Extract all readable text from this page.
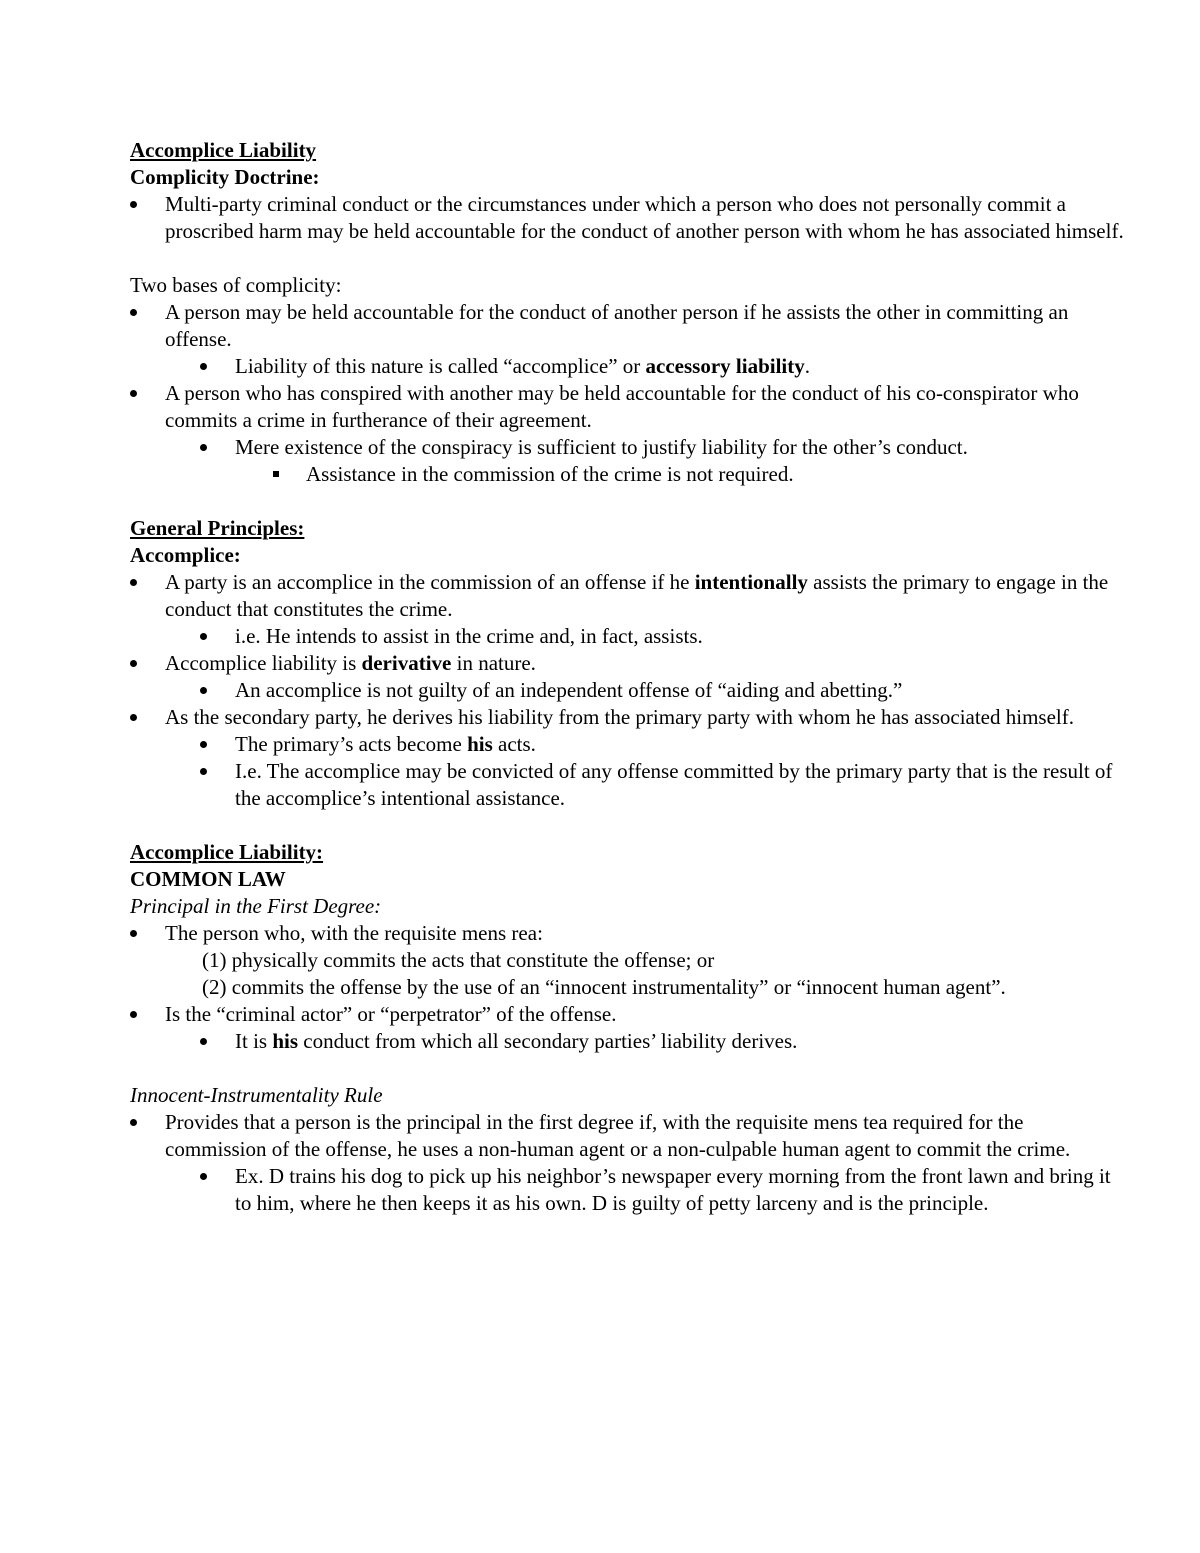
Accomplice Liability
Complicity Doctrine:
Multi-party criminal conduct or the circumstances under which a person who does not personally commit a proscribed harm may be held accountable for the conduct of another person with whom he has associated himself.
Two bases of complicity:
A person may be held accountable for the conduct of another person if he assists the other in committing an offense.
Liability of this nature is called “accomplice” or accessory liability.
A person who has conspired with another may be held accountable for the conduct of his co-conspirator who commits a crime in furtherance of their agreement.
Mere existence of the conspiracy is sufficient to justify liability for the other’s conduct.
Assistance in the commission of the crime is not required.
General Principles:
Accomplice:
A party is an accomplice in the commission of an offense if he intentionally assists the primary to engage in the conduct that constitutes the crime.
i.e. He intends to assist in the crime and, in fact, assists.
Accomplice liability is derivative in nature.
An accomplice is not guilty of an independent offense of “aiding and abetting.”
As the secondary party, he derives his liability from the primary party with whom he has associated himself.
The primary’s acts become his acts.
I.e. The accomplice may be convicted of any offense committed by the primary party that is the result of the accomplice’s intentional assistance.
Accomplice Liability:
COMMON LAW
Principal in the First Degree:
The person who, with the requisite mens rea:
(1) physically commits the acts that constitute the offense; or
(2) commits the offense by the use of an “innocent instrumentality” or “innocent human agent”.
Is the “criminal actor” or “perpetrator” of the offense.
It is his conduct from which all secondary parties’ liability derives.
Innocent-Instrumentality Rule
Provides that a person is the principal in the first degree if, with the requisite mens tea required for the commission of the offense, he uses a non-human agent or a non-culpable human agent to commit the crime.
Ex. D trains his dog to pick up his neighbor’s newspaper every morning from the front lawn and bring it to him, where he then keeps it as his own. D is guilty of petty larceny and is the principle.
